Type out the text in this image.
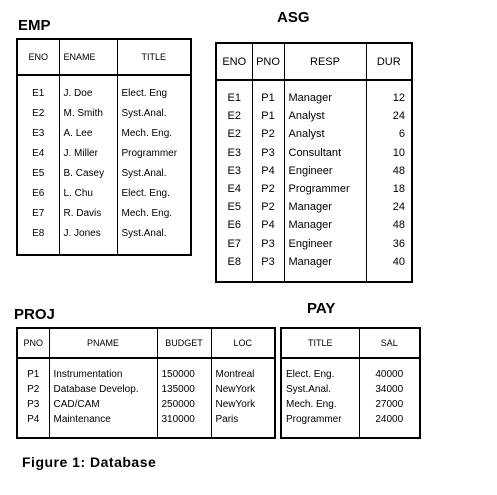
EMP
ENO	ENAME	TITLE
E1	J. Doe	Elect. Eng
E2	M. Smith	Syst.Anal.
E3	A. Lee	Mech. Eng.
E4	J. Miller	Programmer
E5	B. Casey	Syst.Anal.
E6	L. Chu	Elect. Eng.
E7	R. Davis	Mech. Eng.
E8	J. Jones	Syst.Anal.
ASG
ENO	PNO	RESP	DUR
E1	P1	Manager	12
E2	P1	Analyst	24
E2	P2	Analyst	6
E3	P3	Consultant	10
E3	P4	Engineer	48
E4	P2	Programmer	18
E5	P2	Manager	24
E6	P4	Manager	48
E7	P3	Engineer	36
E8	P3	Manager	40
PROJ
PNO	PNAME	BUDGET	LOC
P1	Instrumentation	150000	Montreal
P2	Database Develop.	135000	NewYork
P3	CAD/CAM	250000	NewYork
P4	Maintenance	310000	Paris
PAY
TITLE	SAL
Elect. Eng.	40000
Syst.Anal.	34000
Mech. Eng.	27000
Programmer	24000
Figure 1: Database
